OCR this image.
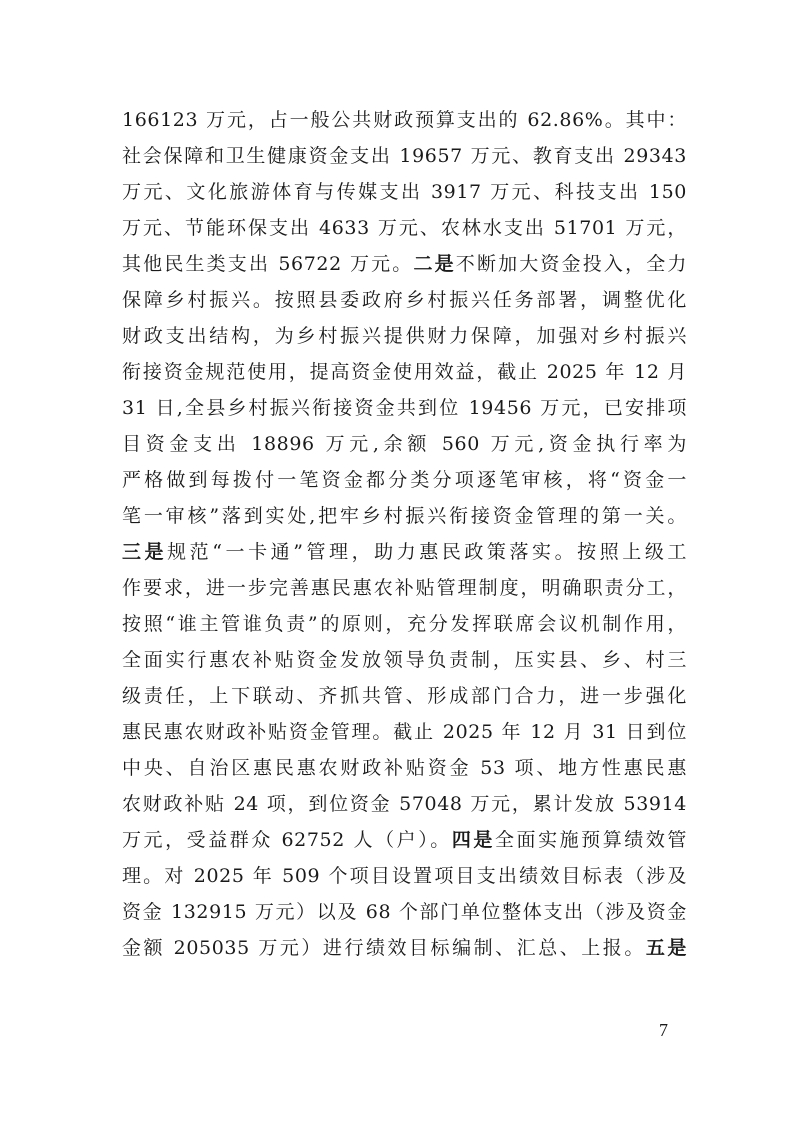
166123 万元，占一般公共财政预算支出的 62.86%。其中：
社会保障和卫生健康资金支出 19657 万元、教育支出 29343
万元、文化旅游体育与传媒支出 3917 万元、科技支出 150
万元、节能环保支出 4633 万元、农林水支出 51701 万元，
其他民生类支出 56722 万元。二是不断加大资金投入，全力
保障乡村振兴。按照县委政府乡村振兴任务部署，调整优化
财政支出结构，为乡村振兴提供财力保障，加强对乡村振兴
衔接资金规范使用，提高资金使用效益，截止 2025 年 12 月
31 日,全县乡村振兴衔接资金共到位 19456 万元，已安排项
目资金支出 18896 万元,余额 560 万元,资金执行率为
严格做到每拨付一笔资金都分类分项逐笔审核，将“资金一
笔一审核”落到实处,把牢乡村振兴衔接资金管理的第一关。
三是规范“一卡通”管理，助力惠民政策落实。按照上级工
作要求，进一步完善惠民惠农补贴管理制度，明确职责分工，
按照“谁主管谁负责”的原则，充分发挥联席会议机制作用，
全面实行惠农补贴资金发放领导负责制，压实县、乡、村三
级责任，上下联动、齐抓共管、形成部门合力，进一步强化
惠民惠农财政补贴资金管理。截止 2025 年 12 月 31 日到位
中央、自治区惠民惠农财政补贴资金 53 项、地方性惠民惠
农财政补贴 24 项，到位资金 57048 万元，累计发放 53914
万元，受益群众 62752 人（户）。四是全面实施预算绩效管
理。对 2025 年 509 个项目设置项目支出绩效目标表（涉及
资金 132915 万元）以及 68 个部门单位整体支出（涉及资金
金额 205035 万元）进行绩效目标编制、汇总、上报。五是
7
